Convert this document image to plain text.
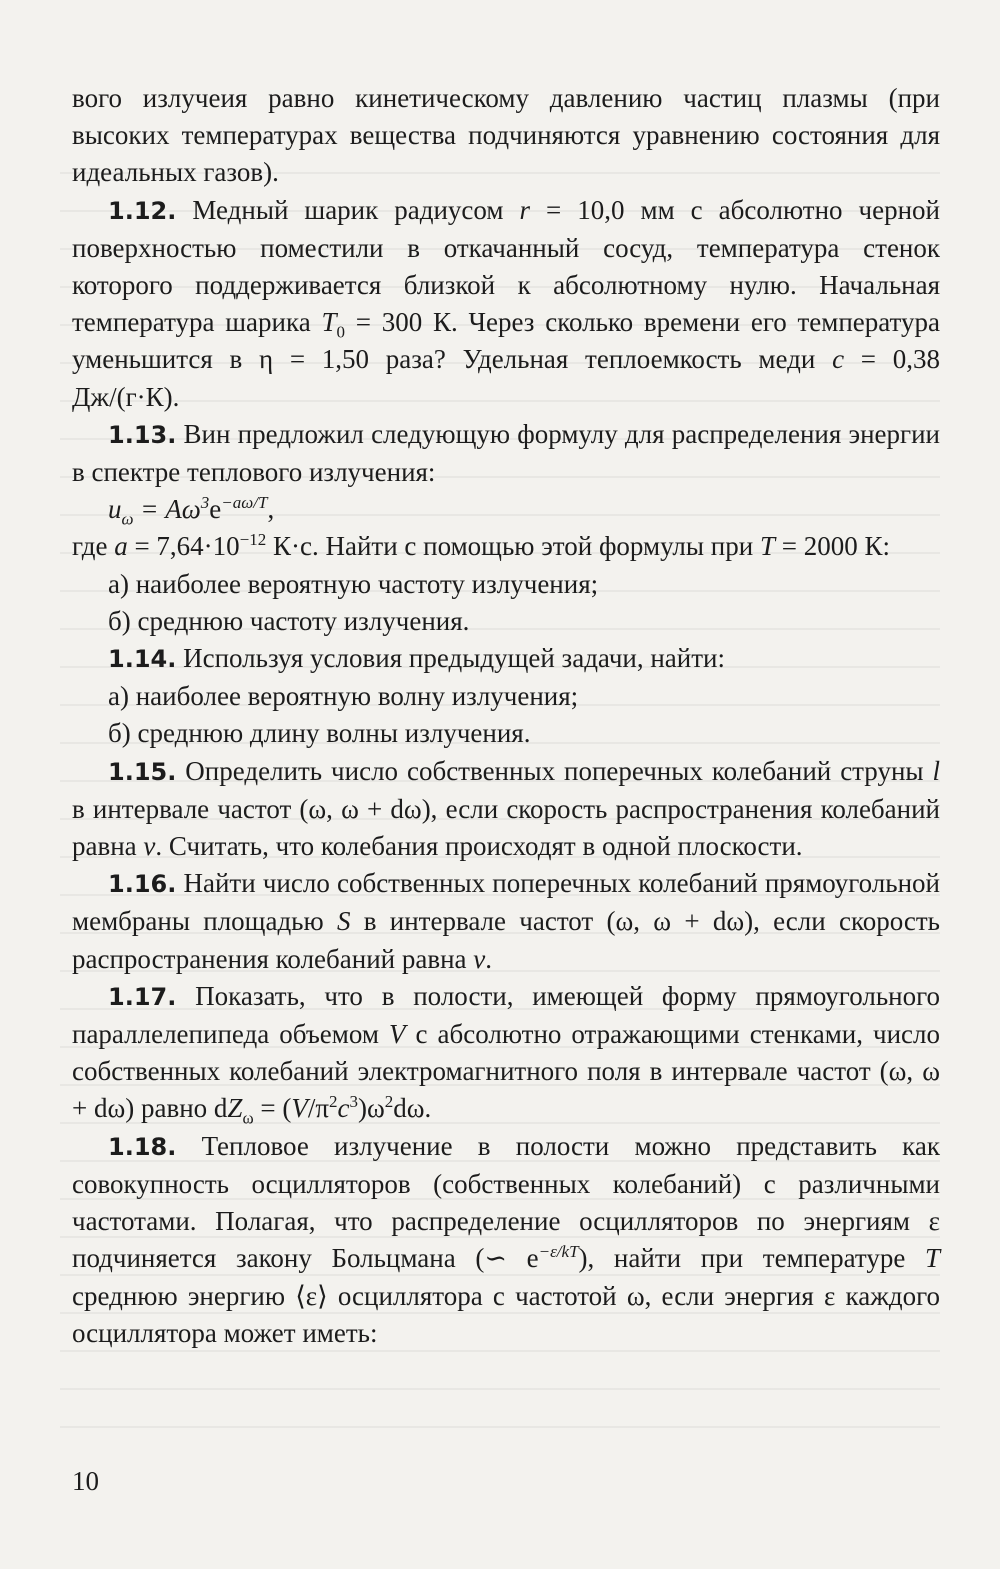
вого излучеия равно кинетическому давлению частиц плазмы (при высоких температурах вещества подчиняются уравнению состояния для идеальных газов).

1.12. Медный шарик радиусом r = 10,0 мм с абсолютно черной поверхностью поместили в откачанный сосуд, температура стенок которого поддерживается близкой к абсолютному нулю. Начальная температура шарика $T_0 = 300$ К. Через сколько времени его температура уменьшится в η = 1,50 раза? Удельная теплоемкость меди c = 0,38 Дж/(г·К).

1.13. Вин предложил следующую формулу для распределения энергии в спектре теплового излучения:

$u_\omega = A\omega^3e^{-a\omega/T}$,

где $a = 7,64\cdot 10^{-12}$ К·с. Найти с помощью этой формулы при T = 2000 К:

а) наиболее вероятную частоту излучения;

б) среднюю частоту излучения.

1.14. Используя условия предыдущей задачи, найти:

а) наиболее вероятную волну излучения;

б) среднюю длину волны излучения.

1.15. Определить число собственных поперечных колебаний струны l в интервале частот (ω, ω + dω), если скорость распространения колебаний равна v. Считать, что колебания происходят в одной плоскости.

1.16. Найти число собственных поперечных колебаний прямоугольной мембраны площадью S в интервале частот (ω, ω + dω), если скорость распространения колебаний равна v.

1.17. Показать, что в полости, имеющей форму прямоугольного параллелепипеда объемом V с абсолютно отражающими стенками, число собственных колебаний электромагнитного поля в интервале частот (ω, ω + dω) равно $dZ_\omega = (V/\pi^2c^3)\omega^2d\omega$.

1.18. Тепловое излучение в полости можно представить как совокупность осцилляторов (собственных колебаний) с различными частотами. Полагая, что распределение осцилляторов по энергиям ε подчиняется закону Больцмана (∽ $e^{-\varepsilon/kT}$), найти при температуре T среднюю энергию ⟨ε⟩ осциллятора с частотой ω, если энергия ε каждого осциллятора может иметь:

10
